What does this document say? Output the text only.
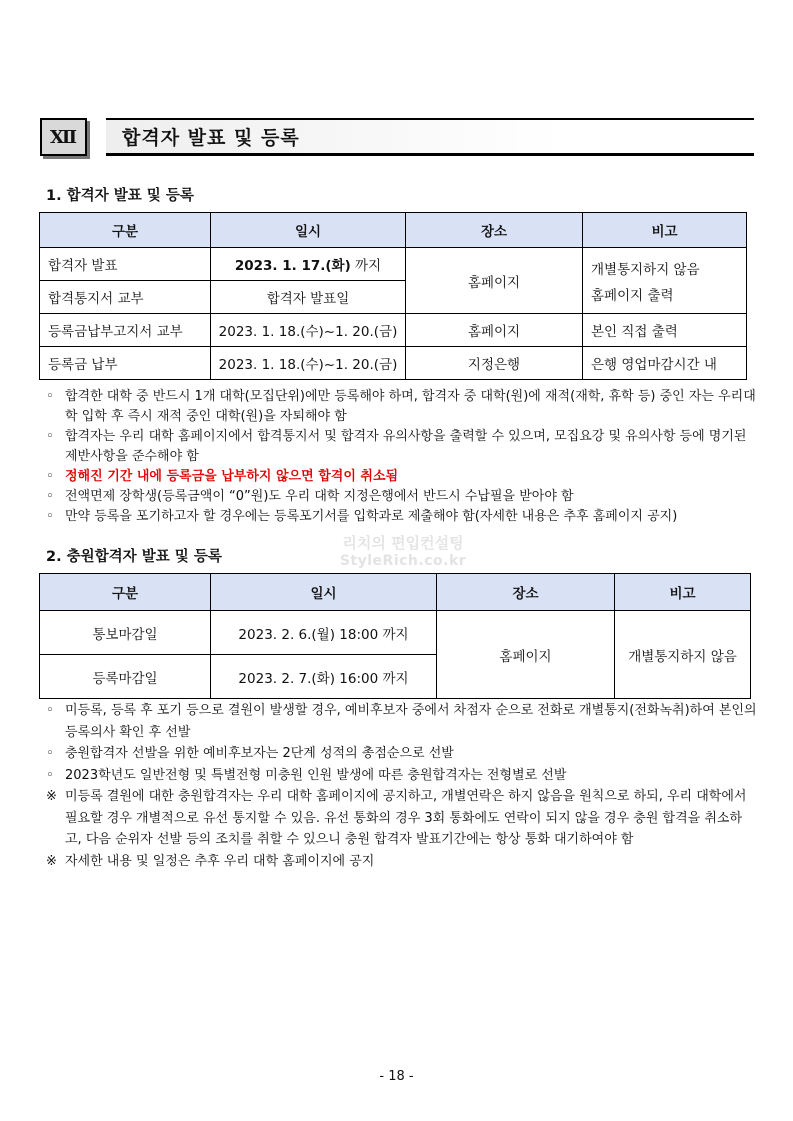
Ⅻ	합격자 발표 및 등록
1. 합격자 발표 및 등록
구분	일시	장소	비고
합격자 발표	2023. 1. 17.(화) 까지	홈페이지	개별통지하지 않음
홈페이지 출력

합격통지서 교부	합격자 발표일		
등록금납부고지서 교부	2023. 1. 18.(수)~1. 20.(금)	홈페이지	본인 직접 출력
등록금 납부	2023. 1. 18.(수)~1. 20.(금)	지정은행	은행 영업마감시간 내
◦ 합격한 대학 중 반드시 1개 대학(모집단위)에만 등록해야 하며, 합격자 중 대학(원)에 재적(재학, 휴학 등) 중인 자는 우리대학 입학 후 즉시 재적 중인 대학(원)을 자퇴해야 함
◦ 합격자는 우리 대학 홈페이지에서 합격통지서 및 합격자 유의사항을 출력할 수 있으며, 모집요강 및 유의사항 등에 명기된 제반사항을 준수해야 함
◦ 정해진 기간 내에 등록금을 납부하지 않으면 합격이 취소됨
◦ 전액면제 장학생(등록금액이 “0”원)도 우리 대학 지정은행에서 반드시 수납필을 받아야 함
◦ 만약 등록을 포기하고자 할 경우에는 등록포기서를 입학과로 제출해야 함(자세한 내용은 추후 홈페이지 공지)
2. 충원합격자 발표 및 등록
리치의 편입컨설팅
StyleRich.co.kr
구분	일시	장소	비고
통보마감일	2023. 2. 6.(월) 18:00 까지	홈페이지	개별통지하지 않음
등록마감일	2023. 2. 7.(화) 16:00 까지		
◦ 미등록, 등록 후 포기 등으로 결원이 발생할 경우, 예비후보자 중에서 차점자 순으로 전화로 개별통지(전화녹취)하여 본인의 등록의사 확인 후 선발
◦ 충원합격자 선발을 위한 예비후보자는 2단계 성적의 총점순으로 선발
◦ 2023학년도 일반전형 및 특별전형 미충원 인원 발생에 따른 충원합격자는 전형별로 선발
※ 미등록 결원에 대한 충원합격자는 우리 대학 홈페이지에 공지하고, 개별연락은 하지 않음을 원칙으로 하되, 우리 대학에서 필요할 경우 개별적으로 유선 통지할 수 있음. 유선 통화의 경우 3회 통화에도 연락이 되지 않을 경우 충원 합격을 취소하고, 다음 순위자 선발 등의 조치를 취할 수 있으니 충원 합격자 발표기간에는 항상 통화 대기하여야 함
※ 자세한 내용 및 일정은 추후 우리 대학 홈페이지에 공지
- 18 -
